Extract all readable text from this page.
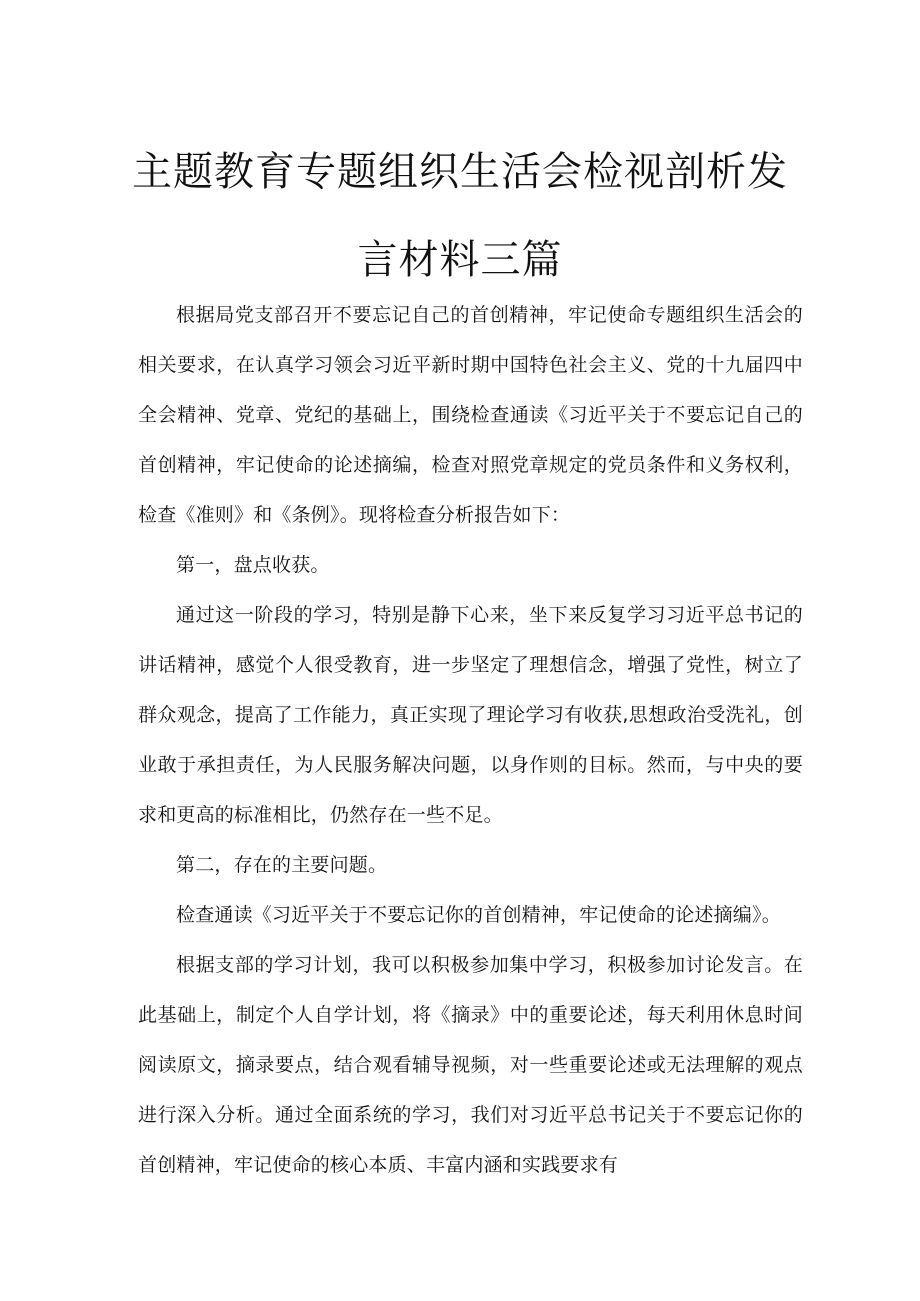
主题教育专题组织生活会检视剖析发
言材料三篇

根据局党支部召开不要忘记自己的首创精神，牢记使命专题组织生活会的相关要求，在认真学习领会习近平新时期中国特色社会主义、党的十九届四中全会精神、党章、党纪的基础上，围绕检查通读《习近平关于不要忘记自己的首创精神，牢记使命的论述摘编，检查对照党章规定的党员条件和义务权利，检查《准则》和《条例》。现将检查分析报告如下：

第一，盘点收获。

通过这一阶段的学习，特别是静下心来，坐下来反复学习习近平总书记的讲话精神，感觉个人很受教育，进一步坚定了理想信念，增强了党性，树立了群众观念，提高了工作能力，真正实现了理论学习有收获,思想政治受洗礼，创业敢于承担责任，为人民服务解决问题，以身作则的目标。然而，与中央的要求和更高的标准相比，仍然存在一些不足。

第二，存在的主要问题。

检查通读《习近平关于不要忘记你的首创精神，牢记使命的论述摘编》。

根据支部的学习计划，我可以积极参加集中学习，积极参加讨论发言。在此基础上，制定个人自学计划，将《摘录》中的重要论述，每天利用休息时间阅读原文，摘录要点，结合观看辅导视频，对一些重要论述或无法理解的观点进行深入分析。通过全面系统的学习，我们对习近平总书记关于不要忘记你的首创精神，牢记使命的核心本质、丰富内涵和实践要求有
